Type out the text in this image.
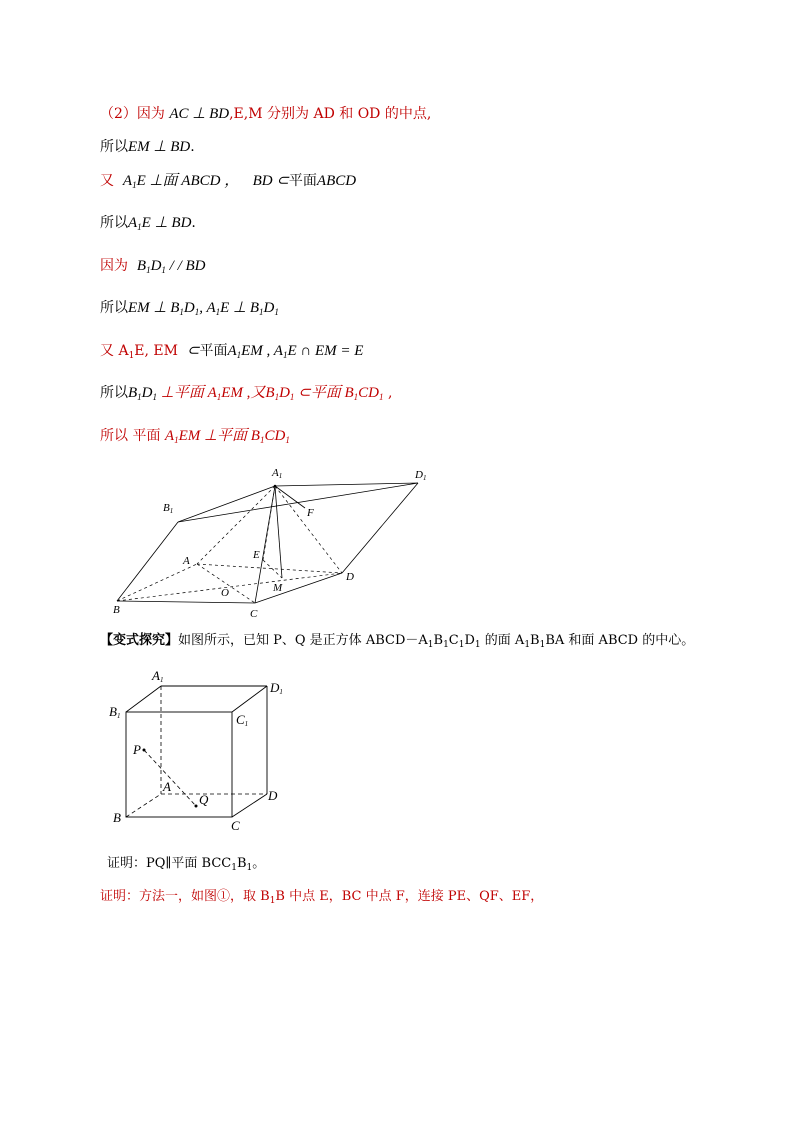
（2）因为 AC ⊥ BD,E,M 分别为 AD 和 OD 的中点,
所以EM ⊥ BD.
又 $A_1E$ ⊥面 ABCD ， BD ⊂平面ABCD
所以$A_1E$ ⊥ BD.
因为 $B_1D_1$ / / BD
所以EM ⊥ $B_1D_1$, $A_1E$ ⊥ $B_1D_1$
又 $A_1E$, EM ⊂平面$A_1EM$ , $A_1E$ ∩ EM = E
所以$B_1D_1$ ⊥平面 $A_1EM$ ,又$B_1D_1$ ⊂平面 $B_1CD_1$ ,
所以 平面 $A_1EM$ ⊥平面 $B_1CD_1$
A1	D1
B1	F
A	E
D
O	M
B	C
【变式探究】如图所示，已知 P、Q 是正方体 $ABCD-A_1B_1C_1D_1$ 的面 $A_1B_1BA$ 和面 ABCD 的中心。
A1	D1
B1	C1
P
A
Q	D
B
C
证明：PQ∥平面 $BCC_1B_1$。
证明：方法一，如图①，取 $B_1B$ 中点 E，BC 中点 F，连接 PE、QF、EF，
